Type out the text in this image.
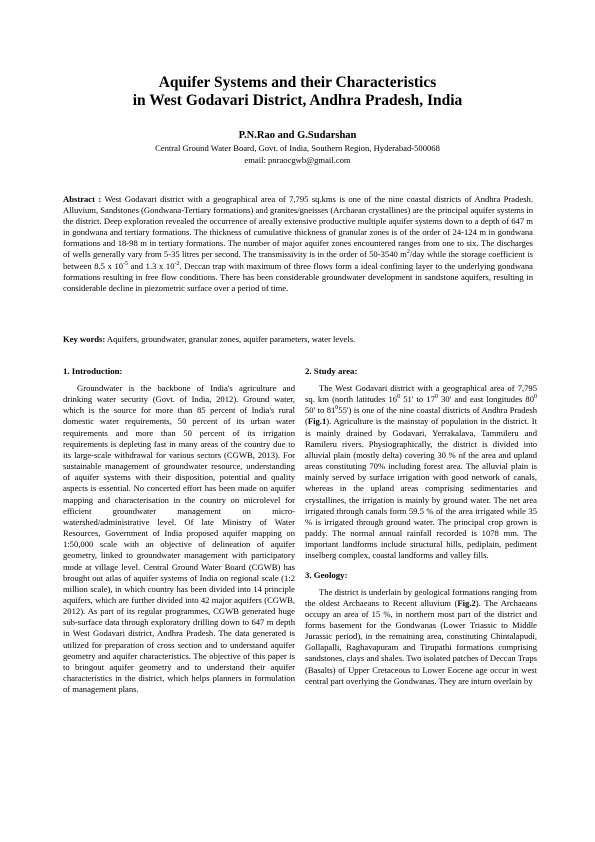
Aquifer Systems and their Characteristics
in West Godavari District, Andhra Pradesh, India
P.N.Rao and G.Sudarshan
Central Ground Water Board, Govt. of India, Southern Region, Hyderabad-500068
email: pnraocgwb@gmail.com
Abstract : West Godavari district with a geographical area of 7,795 sq.kms is one of the nine coastal districts of Andhra Pradesh. Alluvium, Sandstones (Gondwana-Tertiary formations) and granites/gneisses (Archaean crystallines) are the principal aquifer systems in the district. Deep exploration revealed the occurrence of areally extensive productive multiple aquifer systems down to a depth of 647 m in gondwana and tertiary formations. The thickness of cumulative thickness of granular zones is of the order of 24-124 m in gondwana formations and 18-98 m in tertiary formations. The number of major aquifer zones encountered ranges from one to six. The discharges of wells generally vary from 5-35 litres per second. The transmissivity is in the order of 50-3540 $m^2$/day while the storage coefficient is between 8.5 x $10^{-5}$ and 1.3 x $10^{-2}$. Deccan trap with maximum of three flows form a ideal confining layer to the underlying gondwana formations resulting in free flow conditions. There has been considerable groundwater development in sandstone aquifers, resulting in considerable decline in piezometric surface over a period of time.
Key words: Aquifers, groundwater, granular zones, aquifer parameters, water levels.
1. Introduction:

Groundwater is the backbone of India's agriculture and drinking water security (Govt. of India, 2012). Ground water, which is the source for more than 85 percent of India's rural domestic water requirements, 50 percent of its urban water requirements and more than 50 percent of its irrigation requirements is depleting fast in many areas of the country due to its large-scale withdrawal for various sectors (CGWB, 2013). For sustainable management of groundwater resource, understanding of aquifer systems with their disposition, potential and quality aspects is essential. No concerted effort has been made on aquifer mapping and characterisation in the country on microlevel for efficient groundwater management on micro-watershed/administrative level. Of late Ministry of Water Resources, Government of India proposed aquifer mapping on 1:50,000 scale with an objective of delineation of aquifer geometry, linked to groundwater management with participatory mode at village level. Central Ground Water Board (CGWB) has brought out atlas of aquifer systems of India on regional scale (1:2 million scale), in which country has been divided into 14 principle aquifers, which are further divided into 42 major aquifers (CGWB, 2012). As part of its regular programmes, CGWB generated huge sub-surface data through exploratory drilling down to 647 m depth in West Godavari district, Andhra Pradesh. The data generated is utilized for preparation of cross section and to understand aquifer geometry and aquifer characteristics. The objective of this paper is to bringout aquifer geometry and to understand their aquifer characteristics in the district, which helps planners in formulation of management plans.

2. Study area:

The West Godavari district with a geographical area of 7,795 sq. km (north latitudes $16^0$ 51' to $17^0$ 30' and east longitudes $80^0$ 50' to $81^055'$) is one of the nine coastal districts of Andhra Pradesh (Fig.1). Agriculture is the mainstay of population in the district. It is mainly drained by Godavari, Yerrakalava, Tammileru and Ramileru rivers. Physiographically, the district is divided into alluvial plain (mostly delta) covering 30 % of the area and upland areas constituting 70% including forest area. The alluvial plain is mainly served by surface irrigation with good network of canals, whereas in the upland areas comprising sedimentaries and crystallines, the irrigation is mainly by ground water. The net area irrigated through canals form 59.5 % of the area irrigated while 35 % is irrigated through ground water. The principal crop grown is paddy. The normal annual rainfall recorded is 1078 mm. The important landforms include structural hills, pediplain, pediment inselberg complex, coastal landforms and valley fills.

3. Geology:

The district is underlain by geological formations ranging from the oldest Archaeans to Recent alluvium (Fig.2). The Archaeans occupy an area of 15 %, in northern most part of the district and forms basement for the Gondwanas (Lower Triassic to Middle Jurassic period), in the remaining area, constituting Chintalapudi, Gollapalli, Raghavapuram and Tirupathi formations comprising sandstones, clays and shales. Two isolated patches of Deccan Traps (Basalts) of Upper Cretaceous to Lower Eocene age occur in west central part overlying the Gondwanas. They are inturn overlain by
